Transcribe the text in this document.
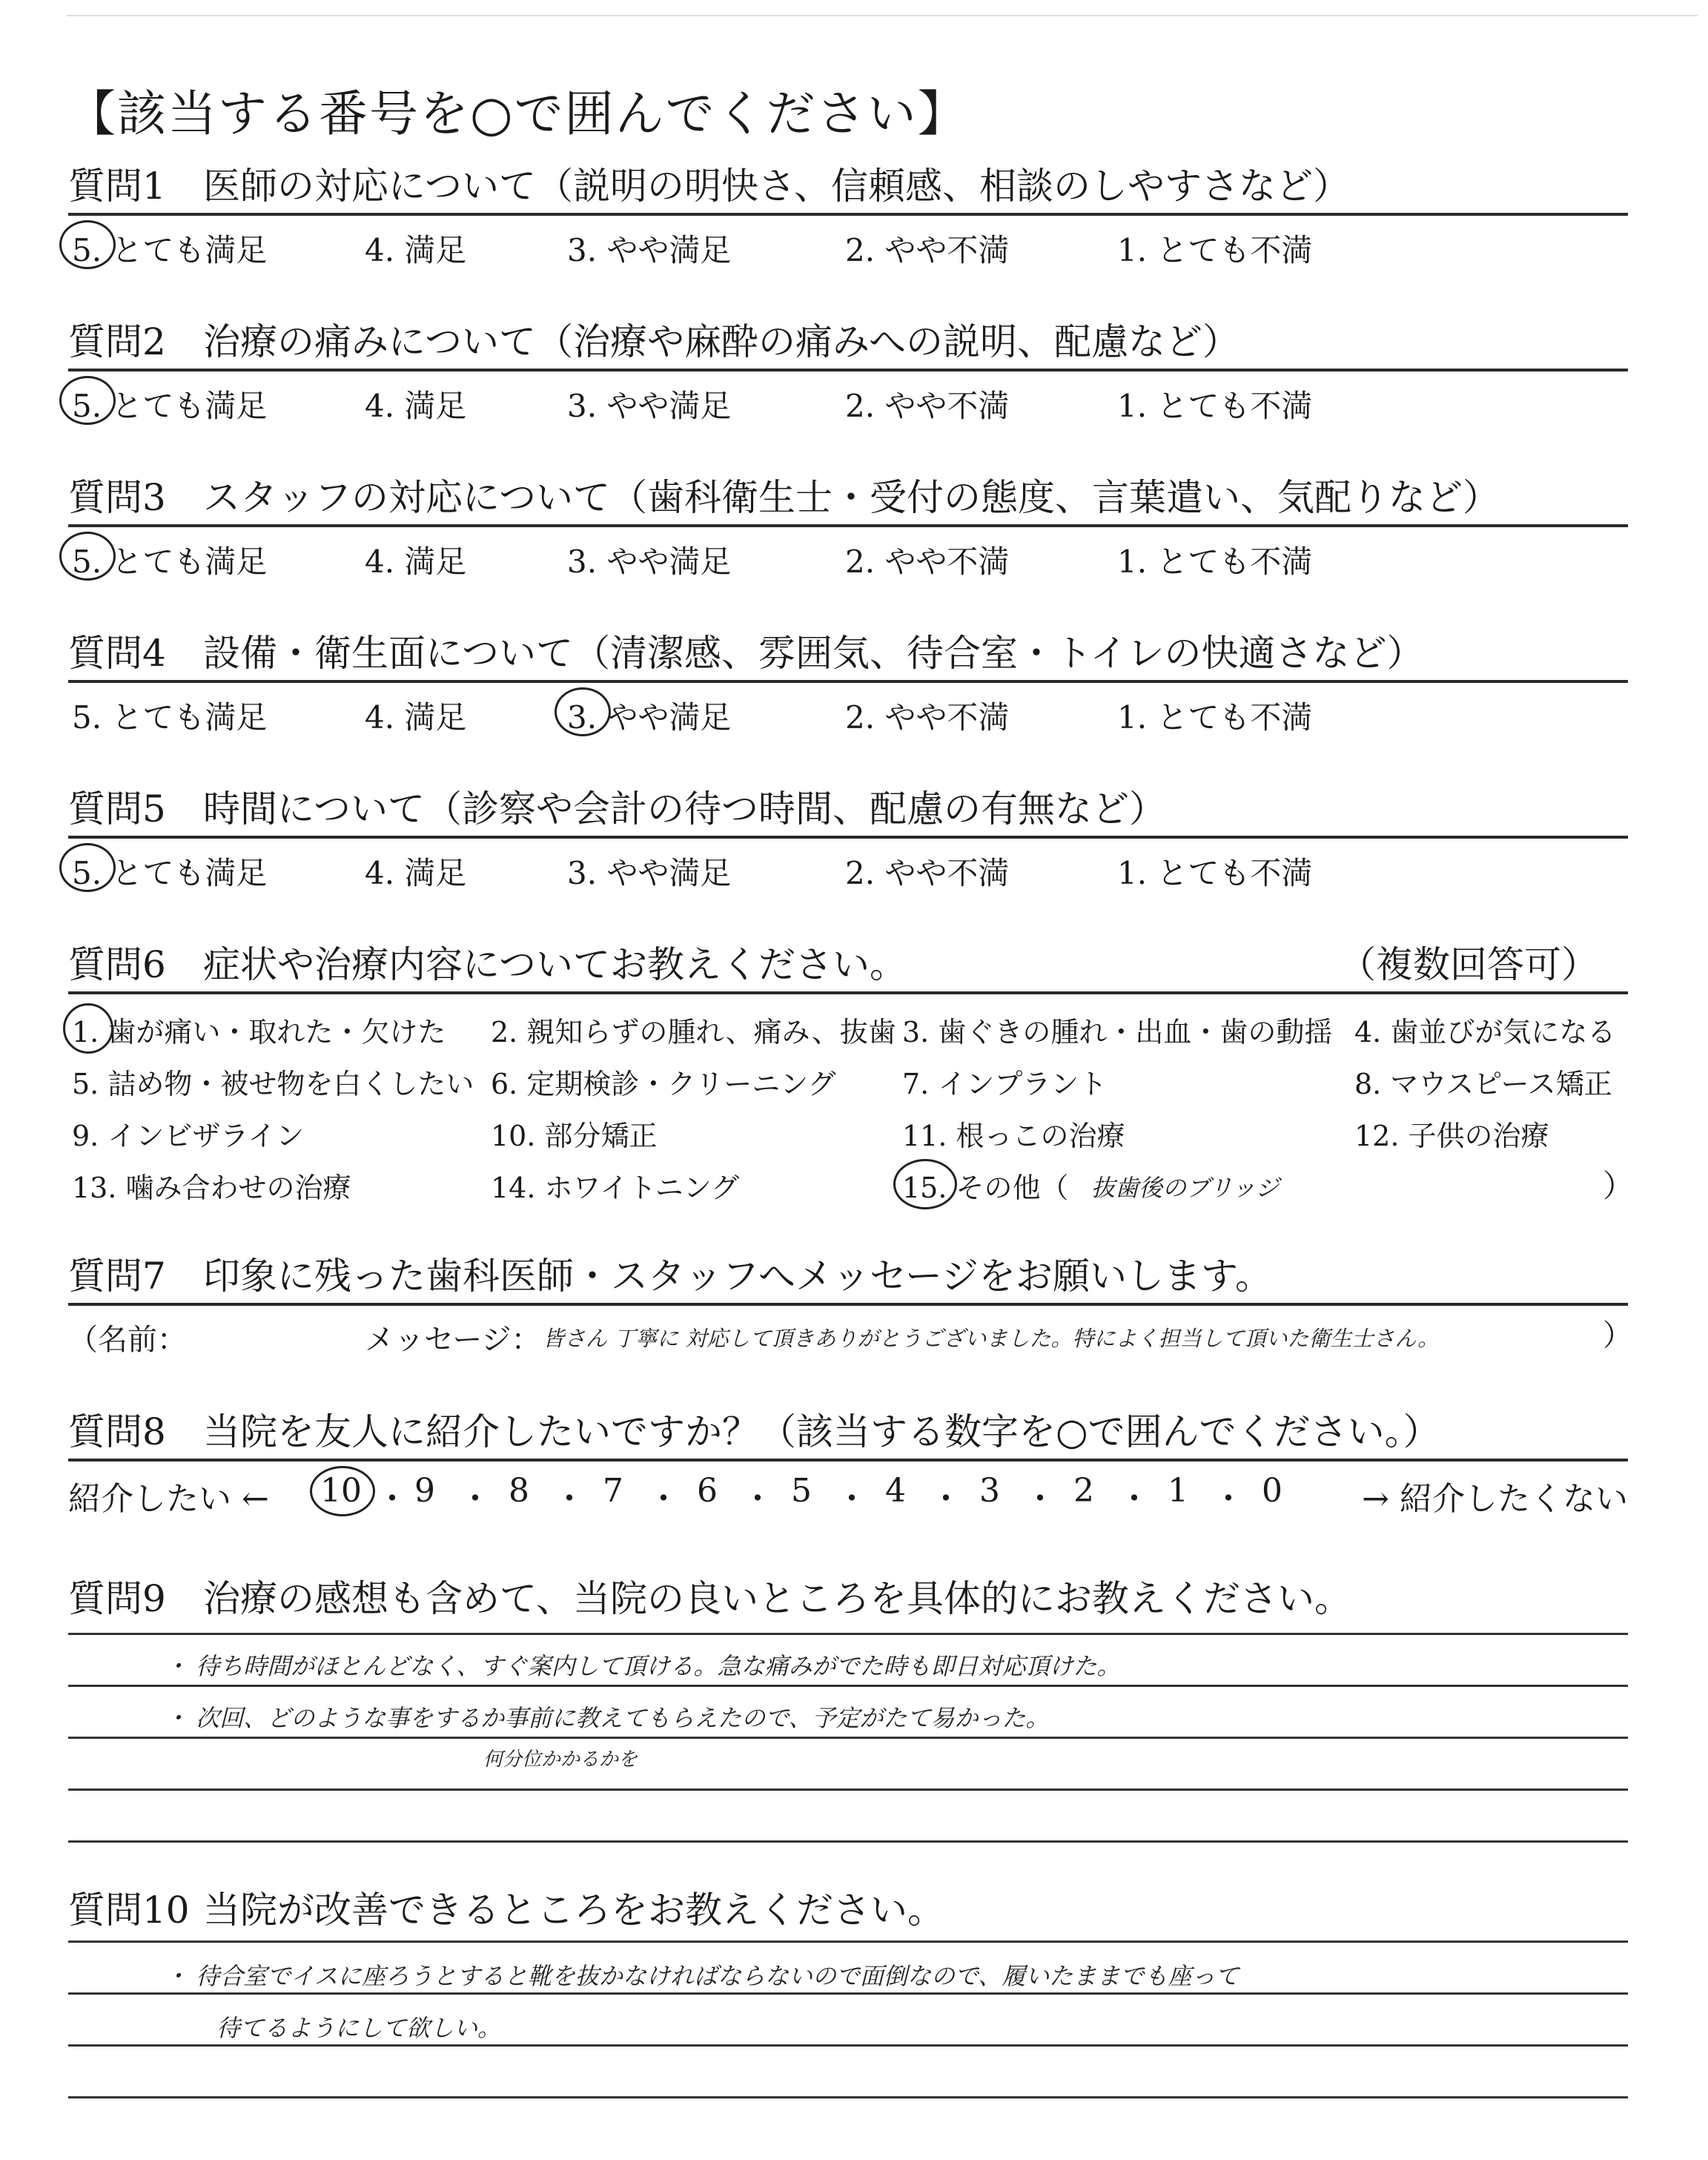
【該当する番号を○で囲んでください】
質問1 医師の対応について（説明の明快さ、信頼感、相談のしやすさなど）
5. とても満足	4. 満足	3. やや満足	2. やや不満	1. とても不満
質問2 治療の痛みについて（治療や麻酔の痛みへの説明、配慮など）
5. とても満足	4. 満足	3. やや満足	2. やや不満	1. とても不満
質問3 スタッフの対応について（歯科衛生士・受付の態度、言葉遣い、気配りなど）
5. とても満足	4. 満足	3. やや満足	2. やや不満	1. とても不満
質問4 設備・衛生面について（清潔感、雰囲気、待合室・トイレの快適さなど）
5. とても満足	4. 満足	3. やや満足	2. やや不満	1. とても不満
質問5 時間について（診察や会計の待つ時間、配慮の有無など）
5. とても満足	4. 満足	3. やや満足	2. やや不満	1. とても不満
質問6 症状や治療内容についてお教えください。	（複数回答可）
1. 歯が痛い・取れた・欠けた 2. 親知らずの腫れ、痛み、抜歯 3. 歯ぐきの腫れ・出血・歯の動揺 4. 歯並びが気になる
5. 詰め物・被せ物を白くしたい 6. 定期検診・クリーニング 7. インプラント	8. マウスピース矯正
9. インビザライン	10. 部分矯正	11. 根っこの治療	12. 子供の治療
13. 噛み合わせの治療	14. ホワイトニング	15. その他（ 抜歯後のブリッジ	）
質問7 印象に残った歯科医師・スタッフへメッセージをお願いします。
（名前：	メッセージ： 皆さん 丁寧に 対応して頂きありがとうございました。特によく担当して頂いた衛生士さん。	）
質問8 当院を友人に紹介したいですか？（該当する数字を○で囲んでください。）
紹介したい ←	→ 紹介したくない
10 ・ 9 ・ 8 ・ 7 ・ 6 ・ 5 ・ 4 ・ 3 ・ 2 ・ 1 ・ 0
質問9 治療の感想も含めて、当院の良いところを具体的にお教えください。
・ 待ち時間がほとんどなく、すぐ案内して頂ける。急な痛みがでた時も即日対応頂けた。
・ 次回、どのような事をするか事前に教えてもらえたので、予定がたて易かった。
何分位かかるかを
質問10 当院が改善できるところをお教えください。
・ 待合室でイスに座ろうとすると靴を抜かなければならないので面倒なので、履いたままでも座って
待てるようにして欲しい。
